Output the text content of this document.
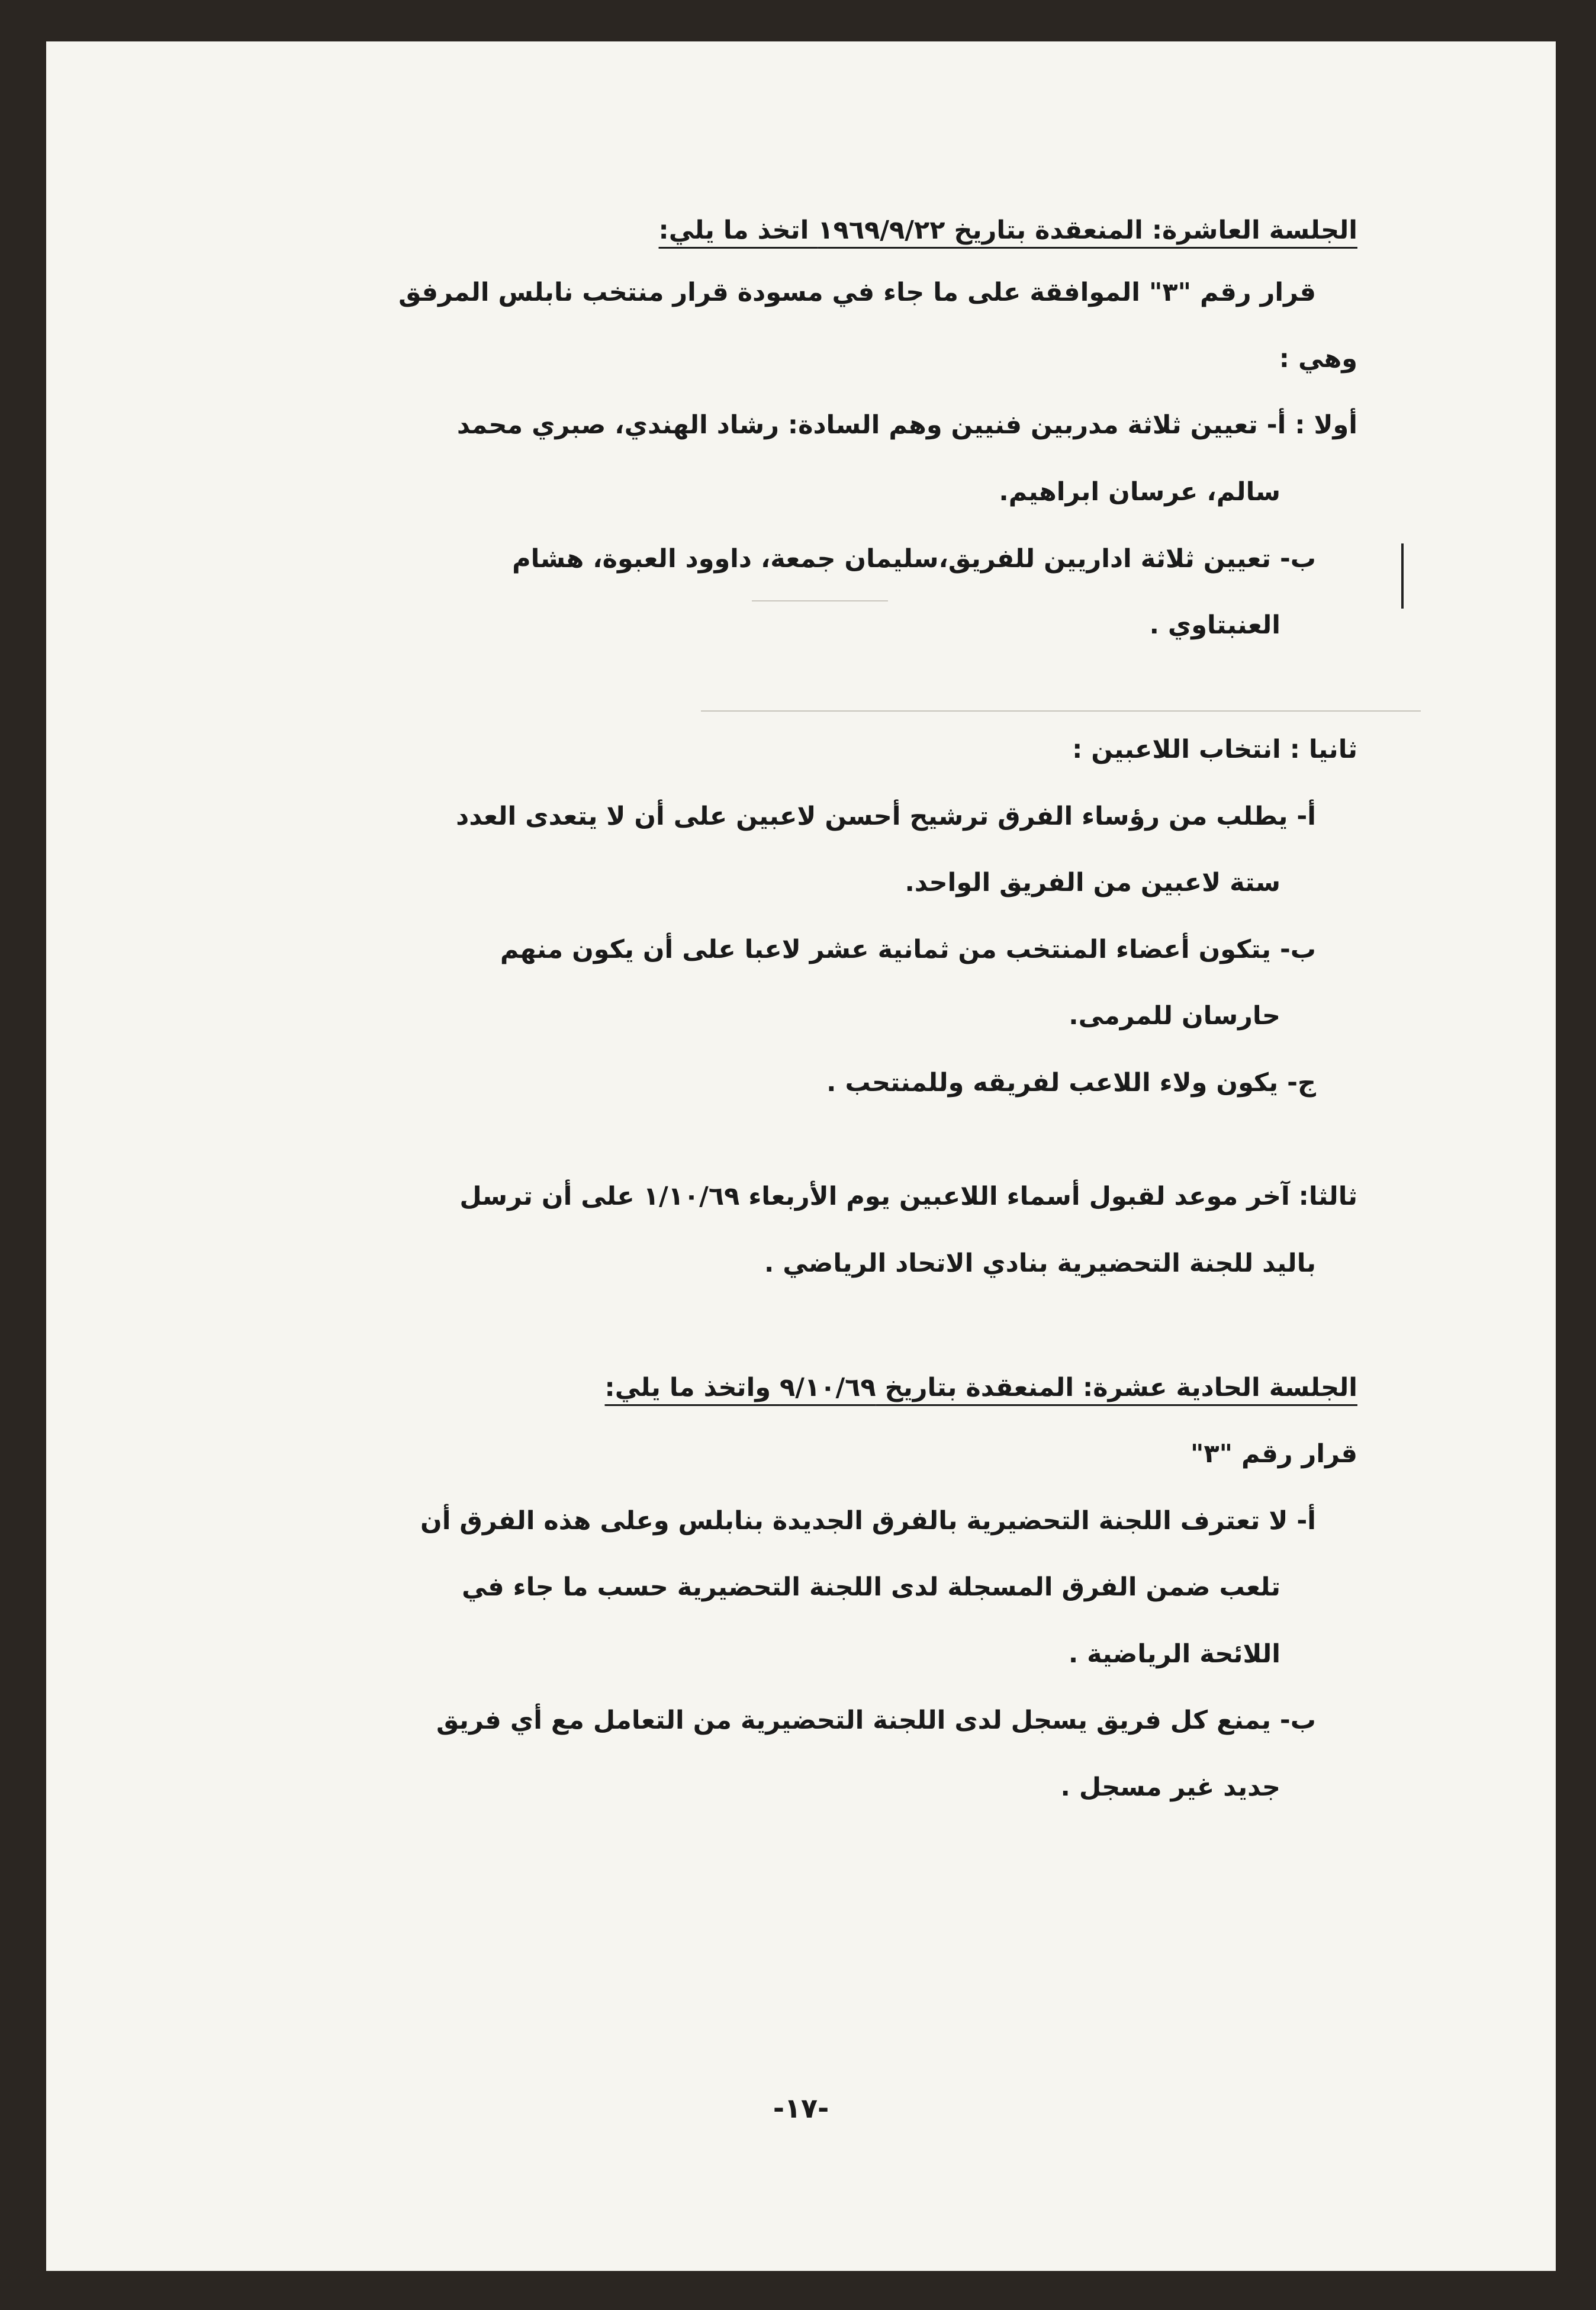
الجلسة العاشرة: المنعقدة بتاريخ ١٩٦٩/٩/٢٢ اتخذ ما يلي:

قرار رقم "٣" الموافقة على ما جاء في مسودة قرار منتخب نابلس المرفق

وهي :

أولا : أ- تعيين ثلاثة مدربين فنيين وهم السادة: رشاد الهندي، صبري محمد

سالم، عرسان ابراهيم.

ب- تعيين ثلاثة اداريين للفريق،سليمان جمعة، داوود العبوة، هشام

العنبتاوي .

ثانيا : انتخاب اللاعبين :

أ- يطلب من رؤساء الفرق ترشيح أحسن لاعبين على أن لا يتعدى العدد

ستة لاعبين من الفريق الواحد.

ب- يتكون أعضاء المنتخب من ثمانية عشر لاعبا على أن يكون منهم

حارسان للمرمى.

ج- يكون ولاء اللاعب لفريقه وللمنتحب .

ثالثا: آخر موعد لقبول أسماء اللاعبين يوم الأربعاء ١/١٠/٦٩ على أن ترسل

باليد للجنة التحضيرية بنادي الاتحاد الرياضي .

الجلسة الحادية عشرة: المنعقدة بتاريخ ٩/١٠/٦٩ واتخذ ما يلي:

قرار رقم "٣"

أ- لا تعترف اللجنة التحضيرية بالفرق الجديدة بنابلس وعلى هذه الفرق أن

تلعب ضمن الفرق المسجلة لدى اللجنة التحضيرية حسب ما جاء في

اللائحة الرياضية .

ب- يمنع كل فريق يسجل لدى اللجنة التحضيرية من التعامل مع أي فريق

جديد غير مسجل .

-١٧-
